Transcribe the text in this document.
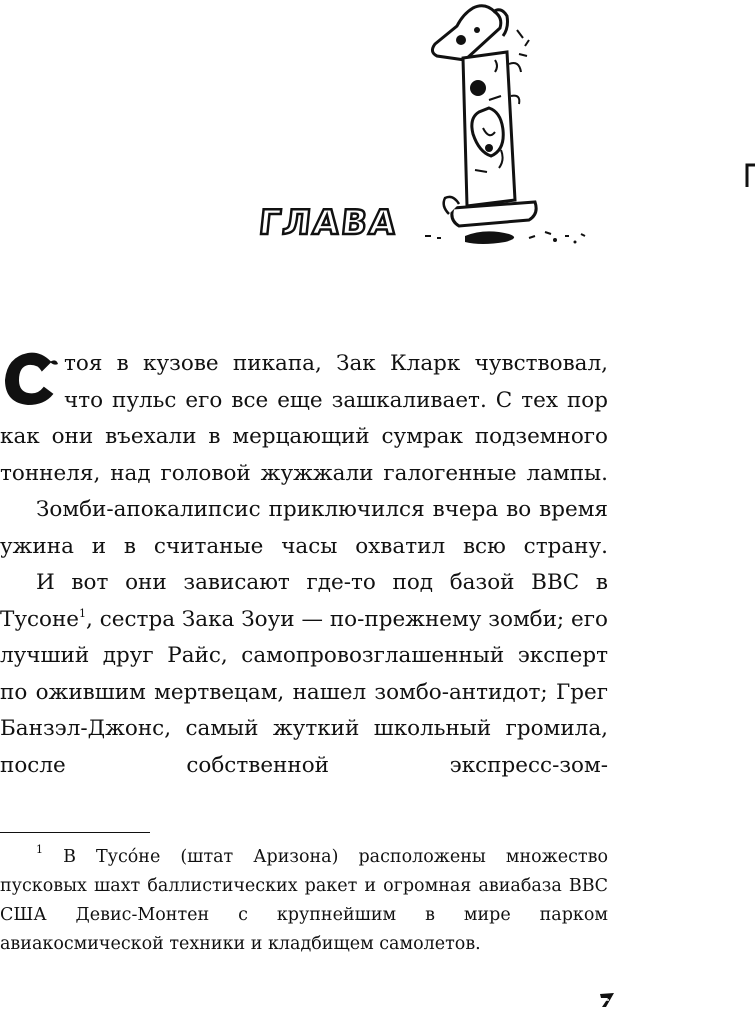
ГЛАВА

тоя в кузове пикапа, Зак Кларк чувствовал, что пульс его все еще зашкаливает. С тех пор как они въехали в мерцающий сумрак подземного тоннеля, над головой жужжали галогенные лампы.

Зомби-апокалипсис приключился вчера во время ужина и в считаные часы охватил всю страну.

И вот они зависают где-то под базой ВВС в Тусоне$^1$, сестра Зака Зоуи — по-прежнему зомби; его лучший друг Райс, самопровозглашенный эксперт по ожившим мертвецам, нашел зомбо-антидот; Грег Банзэл-Джонс, самый жуткий школьный громила, после собственной экспресс-зом-

$^1$ В Тусо́не (штат Аризона) расположены множество пусковых шахт баллистических ракет и огромная авиабаза ВВС США Девис-Монтен с крупнейшим в мире парком авиакосмической техники и кладбищем самолетов.
